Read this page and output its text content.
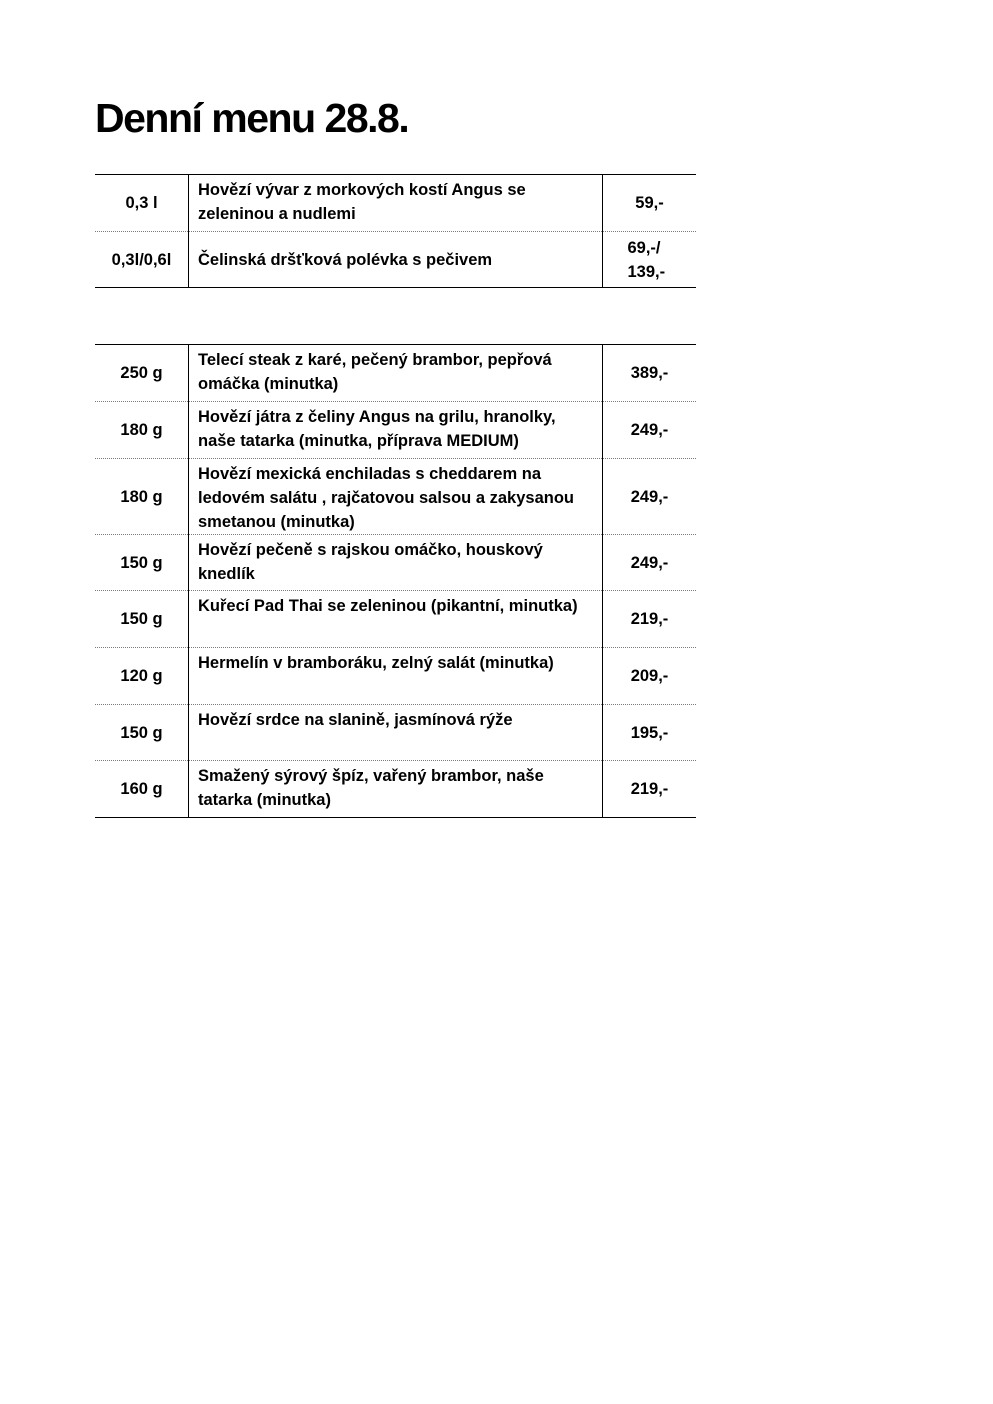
Denní menu 28.8.
0,3 l	Hovězí vývar z morkových kostí Angus se zeleninou a nudlemi	59,-

0,3l/0,6l	Čelinská dršťková polévka s pečivem	69,-/ 139,-
250 g	Telecí steak z karé, pečený brambor, pepřová omáčka (minutka)	389,-

180 g	Hovězí játra z čeliny Angus na grilu, hranolky, naše tatarka (minutka, příprava MEDIUM)	249,-

180 g	Hovězí mexická enchiladas s cheddarem na ledovém salátu , rajčatovou salsou a zakysanou smetanou (minutka)	249,-

150 g	Hovězí pečeně s rajskou omáčko, houskový knedlík	249,-

150 g	Kuřecí Pad Thai se zeleninou (pikantní, minutka)	219,-

120 g	Hermelín v bramboráku, zelný salát (minutka)	209,-

150 g	Hovězí srdce na slanině, jasmínová rýže	195,-

160 g	Smažený sýrový špíz, vařený brambor, naše tatarka (minutka)	219,-
